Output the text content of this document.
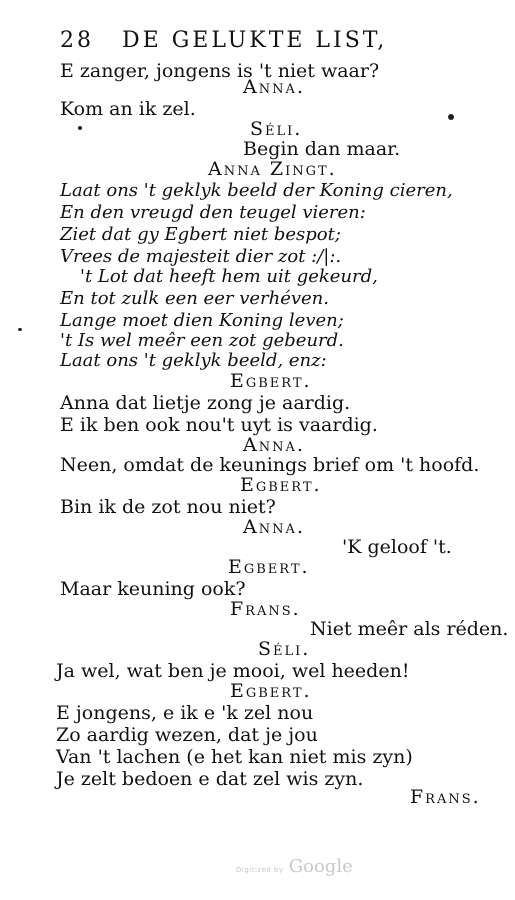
28 DE GELUKTE LIST,
E zanger, jongens is 't niet waar?
Anna.
Kom an ik zel.
Séli.
Begin dan maar.
Anna Zingt.
Laat ons 't geklyk beeld der Koning cieren,
En den vreugd den teugel vieren:
Ziet dat gy Egbert niet bespot;
Vrees de majesteit dier zot :/|:.
't Lot dat heeft hem uit gekeurd,
En tot zulk een eer verhéven.
Lange moet dien Koning leven;
't Is wel meêr een zot gebeurd.
Laat ons 't geklyk beeld, enz:
Egbert.
Anna dat lietje zong je aardig.
E ik ben ook nou't uyt is vaardig.
Anna.
Neen, omdat de keunings brief om 't hoofd.
Egbert.
Bin ik de zot nou niet?
Anna.
'K geloof 't.
Egbert.
Maar keuning ook?
Frans.
Niet meêr als réden.
Séli.
Ja wel, wat ben je mooi, wel heeden!
Egbert.
E jongens, e ik e 'k zel nou
Zo aardig wezen, dat je jou
Van 't lachen (e het kan niet mis zyn)
Je zelt bedoen e dat zel wis zyn.
Frans.
Digitized by Google
